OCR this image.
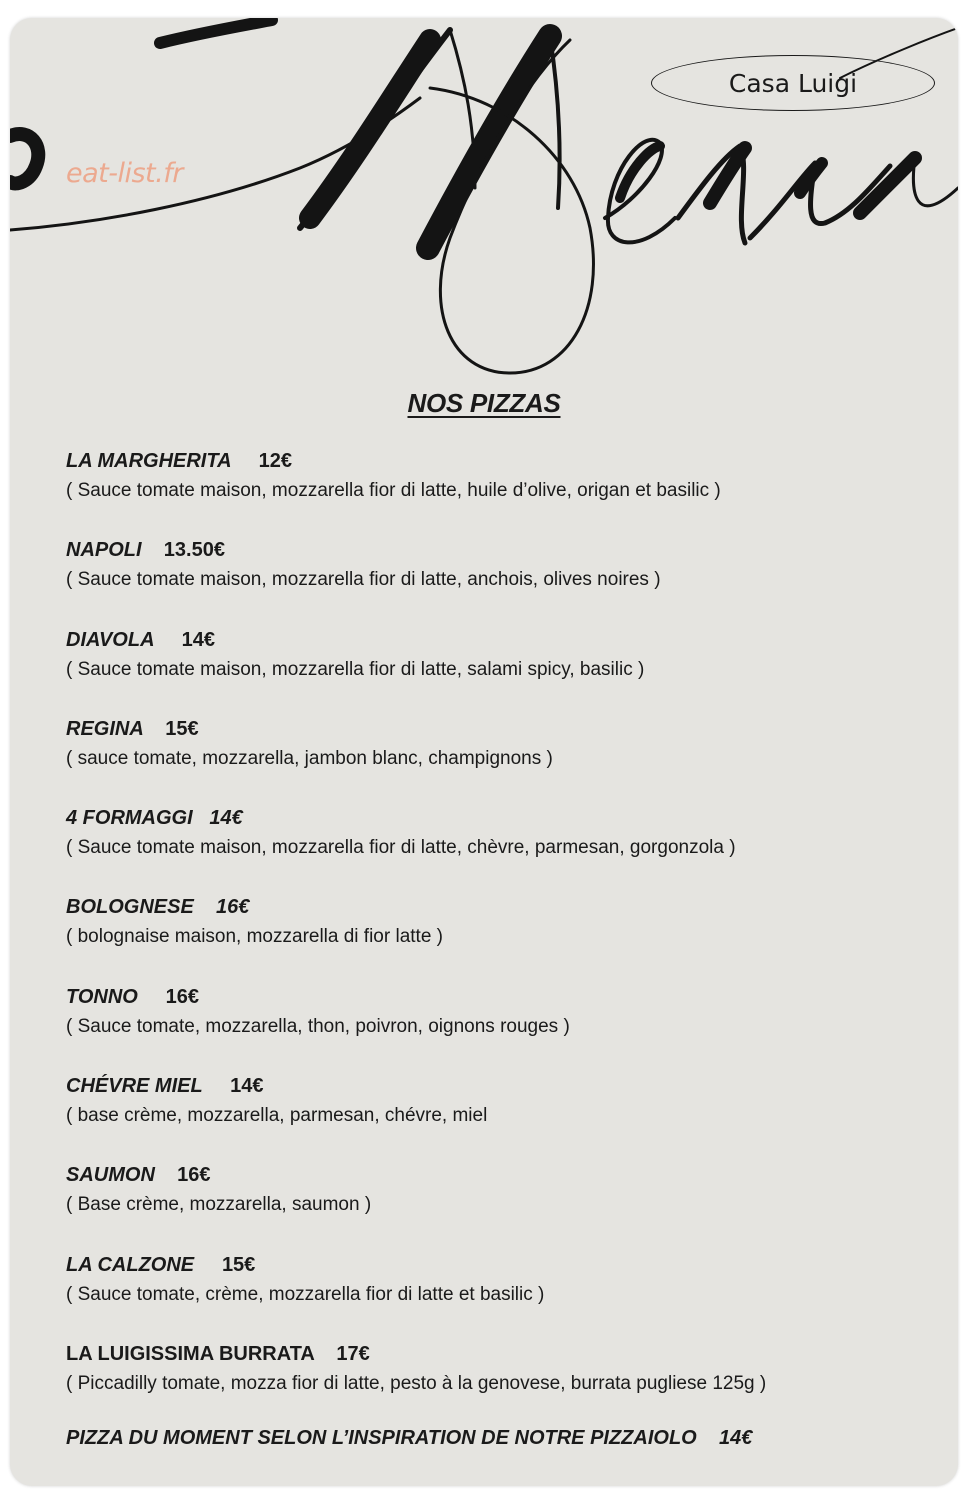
Menu
eat-list.fr
Casa Luigi
NOS PIZZAS
LA MARGHERITA 12€
( Sauce tomate maison, mozzarella fior di latte, huile d’olive, origan et basilic )
NAPOLI 13.50€
( Sauce tomate maison, mozzarella fior di latte, anchois, olives noires )
DIAVOLA 14€
( Sauce tomate maison, mozzarella fior di latte, salami spicy, basilic )
REGINA 15€
( sauce tomate, mozzarella, jambon blanc, champignons )
4 FORMAGGI 14€
( Sauce tomate maison, mozzarella fior di latte, chèvre, parmesan, gorgonzola )
BOLOGNESE 16€
( bolognaise maison, mozzarella di fior latte )
TONNO 16€
( Sauce tomate, mozzarella, thon, poivron, oignons rouges )
CHÉVRE MIEL 14€
( base crème, mozzarella, parmesan, chévre, miel
SAUMON 16€
( Base crème, mozzarella, saumon )
LA CALZONE 15€
( Sauce tomate, crème, mozzarella fior di latte et basilic )
LA LUIGISSIMA BURRATA 17€
( Piccadilly tomate, mozza fior di latte, pesto à la genovese, burrata pugliese 125g )
PIZZA DU MOMENT SELON L’INSPIRATION DE NOTRE PIZZAIOLO 14€
